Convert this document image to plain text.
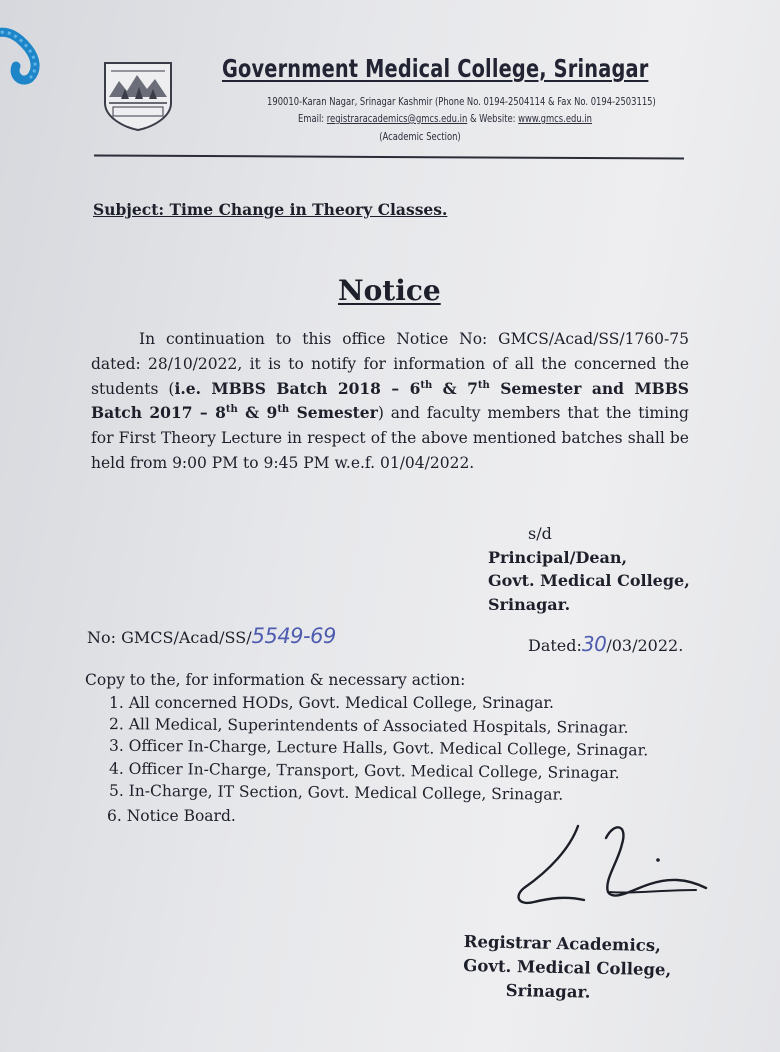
Government Medical College, Srinagar
190010-Karan Nagar, Srinagar Kashmir (Phone No. 0194-2504114 & Fax No. 0194-2503115)
Email: registraracademics@gmcs.edu.in & Website: www.gmcs.edu.in
(Academic Section)
Subject: Time Change in Theory Classes.
Notice
In continuation to this office Notice No: GMCS/Acad/SS/1760-75 dated: 28/10/2022, it is to notify for information of all the concerned the students (i.e. MBBS Batch 2018 – 6th & 7th Semester and MBBS Batch 2017 – 8th & 9th Semester) and faculty members that the timing for First Theory Lecture in respect of the above mentioned batches shall be held from 9:00 PM to 9:45 PM w.e.f. 01/04/2022.
s/d
Principal/Dean,
Govt. Medical College,
Srinagar.
No: GMCS/Acad/SS/5549-69	Dated:30/03/2022.
Copy to the, for information & necessary action:
1. All concerned HODs, Govt. Medical College, Srinagar.
2. All Medical, Superintendents of Associated Hospitals, Srinagar.
3. Officer In-Charge, Lecture Halls, Govt. Medical College, Srinagar.
4. Officer In-Charge, Transport, Govt. Medical College, Srinagar.
5. In-Charge, IT Section, Govt. Medical College, Srinagar.
6. Notice Board.
Registrar Academics,
Govt. Medical College,
Srinagar.
